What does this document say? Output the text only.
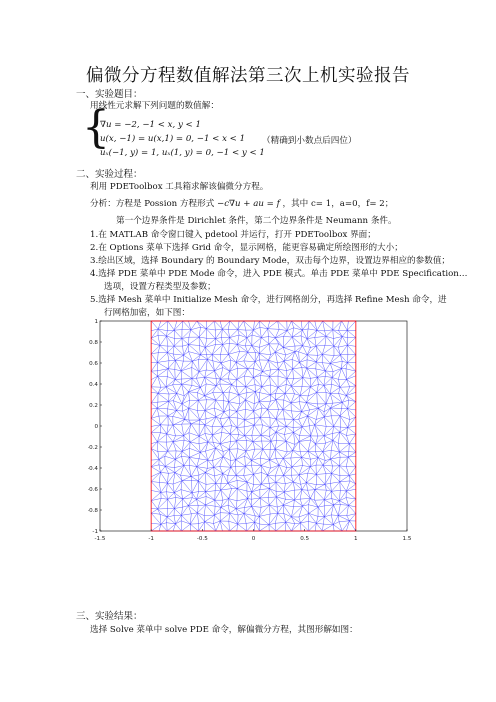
偏微分方程数值解法第三次上机实验报告
一、实验题目：
用线性元求解下列问题的数值解：
{
∇u = −2, −1 < x, y < 1
u(x, −1) = u(x,1) = 0, −1 < x < 1
uₓ(−1, y) = 1, uₓ(1, y) = 0, −1 < y < 1
（精确到小数点后四位）
二、实验过程：
利用 PDEToolbox 工具箱求解该偏微分方程。
分析：方程是 Possion 方程形式 −c∇u + au = f ，其中 c= 1，a=0，f= 2；
第一个边界条件是 Dirichlet 条件，第二个边界条件是 Neumann 条件。
1.在 MATLAB 命令窗口键入 pdetool 并运行，打开 PDEToolbox 界面；
2.在 Options 菜单下选择 Grid 命令，显示网格，能更容易确定所绘图形的大小；
3.绘出区域，选择 Boundary 的 Boundary Mode，双击每个边界，设置边界相应的参数值；
4.选择 PDE 菜单中 PDE Mode 命令，进入 PDE 模式。单击 PDE 菜单中 PDE Specification…
选项，设置方程类型及参数；
5.选择 Mesh 菜单中 Initialize Mesh 命令，进行网格剖分，再选择 Refine Mesh 命令，进
行网格加密，如下图：
-1.5	-1	-0.5	0	0.5	1	1.5
1
0.8
0.6
0.4
0.2
0
-0.2
-0.4
-0.6
-0.8
-1
三、实验结果：
选择 Solve 菜单中 solve PDE 命令，解偏微分方程，其图形解如图：
